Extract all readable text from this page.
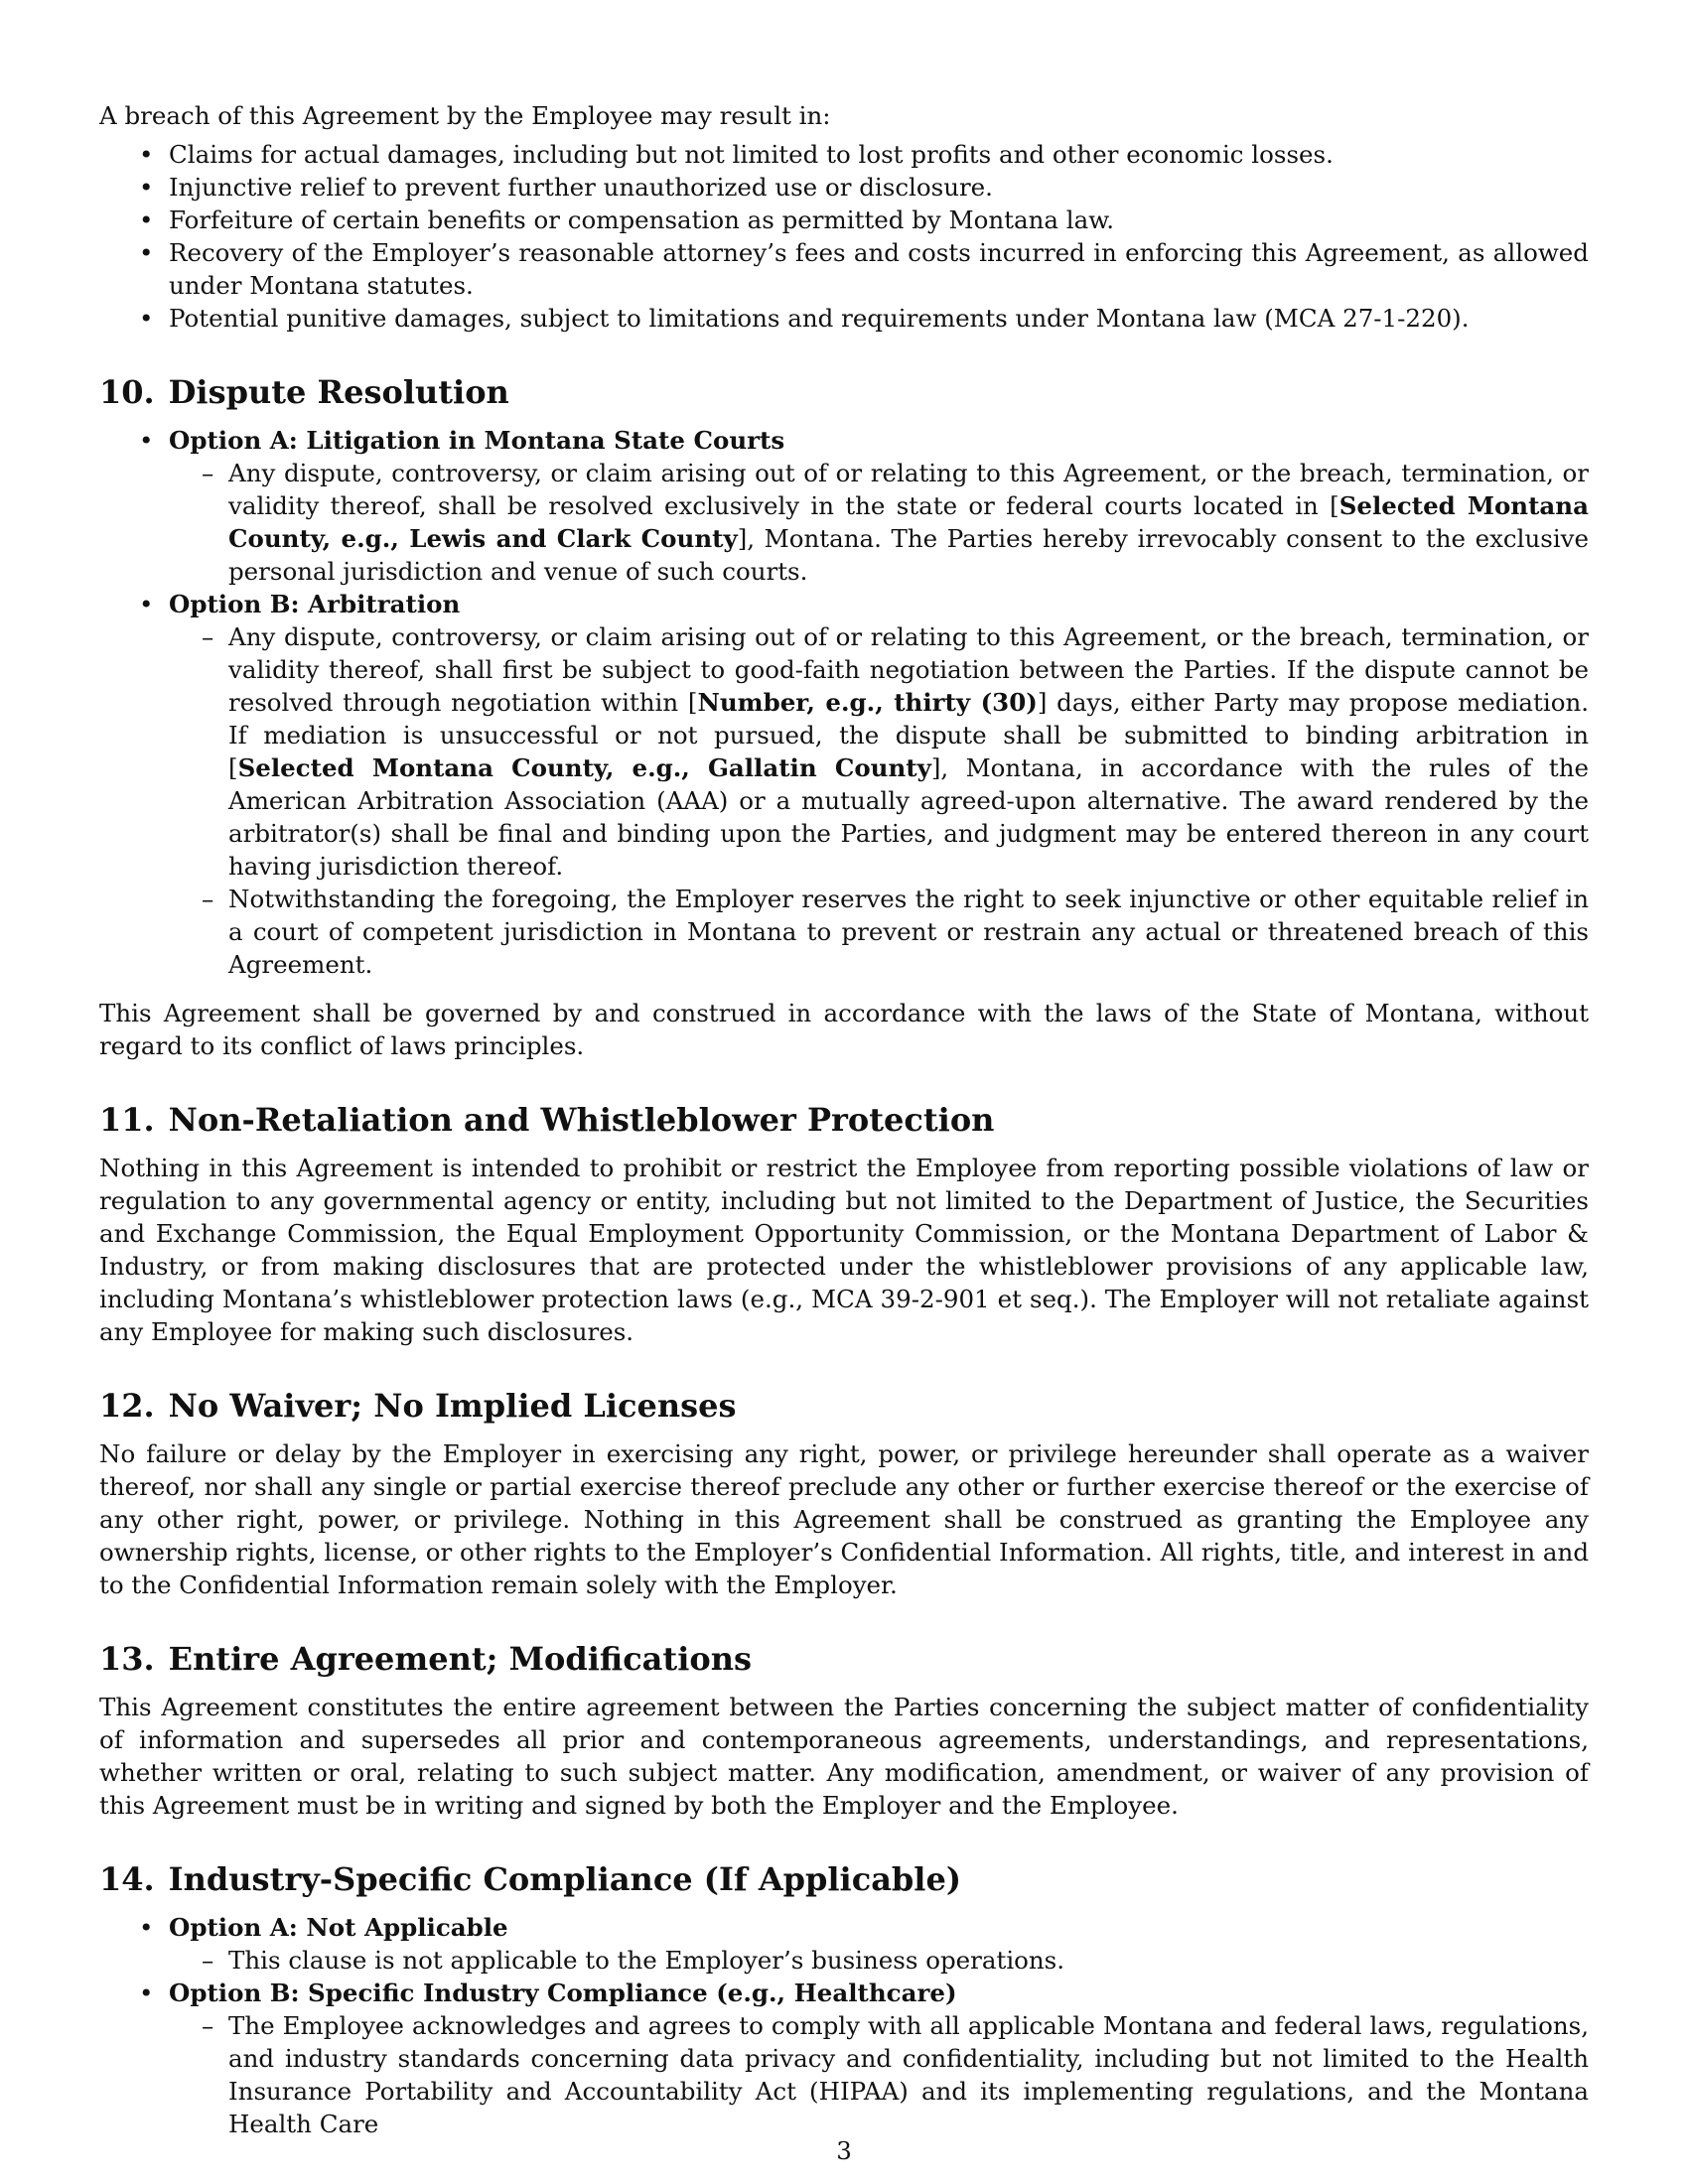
A breach of this Agreement by the Employee may result in:

• Claims for actual damages, including but not limited to lost profits and other economic losses.
• Injunctive relief to prevent further unauthorized use or disclosure.
• Forfeiture of certain benefits or compensation as permitted by Montana law.
• Recovery of the Employer’s reasonable attorney’s fees and costs incurred in enforcing this Agreement, as allowed under Montana statutes.
• Potential punitive damages, subject to limitations and requirements under Montana law (MCA 27-1-220).
10. Dispute Resolution
• Option A: Litigation in Montana State Courts
– Any dispute, controversy, or claim arising out of or relating to this Agreement, or the breach, termination, or validity thereof, shall be resolved exclusively in the state or federal courts located in [Selected Montana County, e.g., Lewis and Clark County], Montana. The Parties hereby irrevocably consent to the exclusive personal jurisdiction and venue of such courts.
• Option B: Arbitration
– Any dispute, controversy, or claim arising out of or relating to this Agreement, or the breach, termination, or validity thereof, shall first be subject to good-faith negotiation between the Parties. If the dispute cannot be resolved through negotiation within [Number, e.g., thirty (30)] days, either Party may propose mediation. If mediation is unsuccessful or not pursued, the dispute shall be submitted to binding arbitration in [Selected Montana County, e.g., Gallatin County], Montana, in accordance with the rules of the American Arbitration Association (AAA) or a mutually agreed-upon alternative. The award rendered by the arbitrator(s) shall be final and binding upon the Parties, and judgment may be entered thereon in any court having jurisdiction thereof.
– Notwithstanding the foregoing, the Employer reserves the right to seek injunctive or other equitable relief in a court of competent jurisdiction in Montana to prevent or restrain any actual or threatened breach of this Agreement.

This Agreement shall be governed by and construed in accordance with the laws of the State of Montana, without regard to its conflict of laws principles.

11. Non-Retaliation and Whistleblower Protection

Nothing in this Agreement is intended to prohibit or restrict the Employee from reporting possible violations of law or regulation to any governmental agency or entity, including but not limited to the Department of Justice, the Securities and Exchange Commission, the Equal Employment Opportunity Commission, or the Montana Department of Labor & Industry, or from making disclosures that are protected under the whistleblower provisions of any applicable law, including Montana’s whistleblower protection laws (e.g., MCA 39-2-901 et seq.). The Employer will not retaliate against any Employee for making such disclosures.

12. No Waiver; No Implied Licenses

No failure or delay by the Employer in exercising any right, power, or privilege hereunder shall operate as a waiver thereof, nor shall any single or partial exercise thereof preclude any other or further exercise thereof or the exercise of any other right, power, or privilege. Nothing in this Agreement shall be construed as granting the Employee any ownership rights, license, or other rights to the Employer’s Confidential Information. All rights, title, and interest in and to the Confidential Information remain solely with the Employer.

13. Entire Agreement; Modifications

This Agreement constitutes the entire agreement between the Parties concerning the subject matter of confidentiality of information and supersedes all prior and contemporaneous agreements, understandings, and representations, whether written or oral, relating to such subject matter. Any modification, amendment, or waiver of any provision of this Agreement must be in writing and signed by both the Employer and the Employee.

14. Industry-Specific Compliance (If Applicable)
• Option A: Not Applicable
– This clause is not applicable to the Employer’s business operations.
• Option B: Specific Industry Compliance (e.g., Healthcare)
– The Employee acknowledges and agrees to comply with all applicable Montana and federal laws, regulations, and industry standards concerning data privacy and confidentiality, including but not limited to the Health Insurance Portability and Accountability Act (HIPAA) and its implementing regulations, and the Montana Health Care
3
